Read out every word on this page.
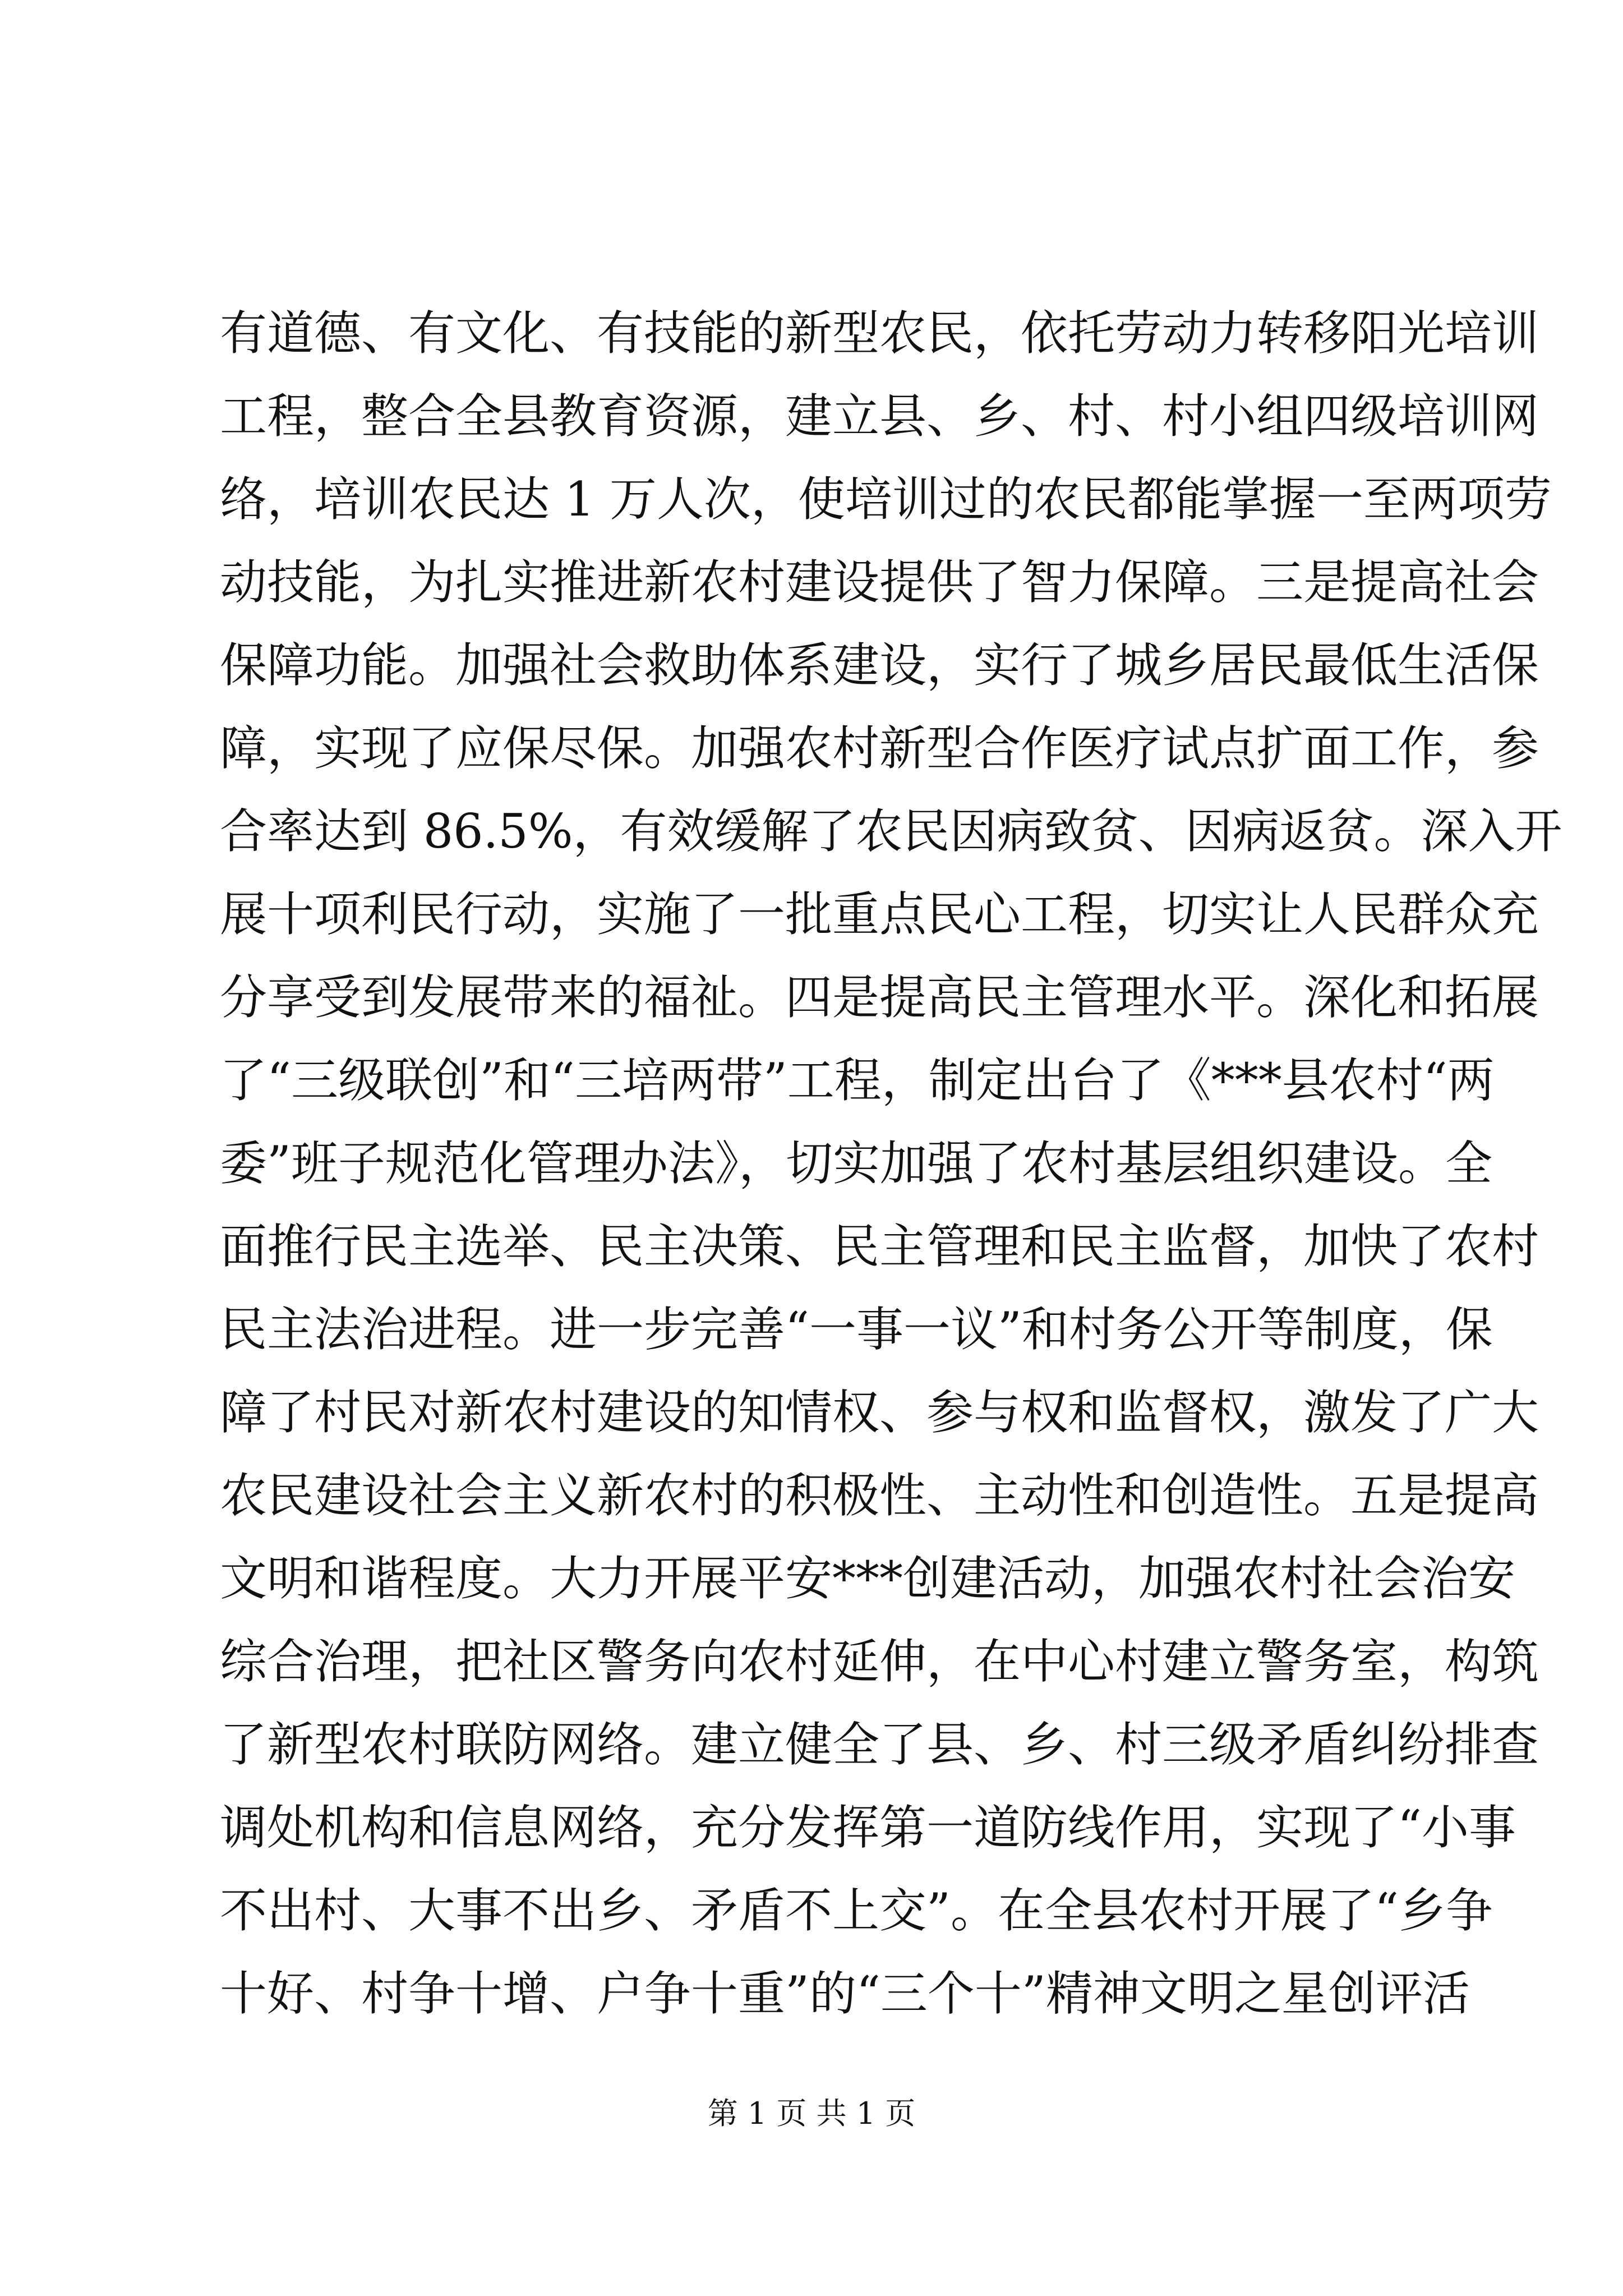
有道德、有文化、有技能的新型农民，依托劳动力转移阳光培训
工程，整合全县教育资源，建立县、乡、村、村小组四级培训网
络，培训农民达 1 万人次，使培训过的农民都能掌握一至两项劳
动技能，为扎实推进新农村建设提供了智力保障。三是提高社会
保障功能。加强社会救助体系建设，实行了城乡居民最低生活保
障，实现了应保尽保。加强农村新型合作医疗试点扩面工作，参
合率达到 86.5%，有效缓解了农民因病致贫、因病返贫。深入开
展十项利民行动，实施了一批重点民心工程，切实让人民群众充
分享受到发展带来的福祉。四是提高民主管理水平。深化和拓展
了“三级联创”和“三培两带”工程，制定出台了《***县农村“两
委”班子规范化管理办法》，切实加强了农村基层组织建设。全
面推行民主选举、民主决策、民主管理和民主监督，加快了农村
民主法治进程。进一步完善“一事一议”和村务公开等制度，保
障了村民对新农村建设的知情权、参与权和监督权，激发了广大
农民建设社会主义新农村的积极性、主动性和创造性。五是提高
文明和谐程度。大力开展平安***创建活动，加强农村社会治安
综合治理，把社区警务向农村延伸，在中心村建立警务室，构筑
了新型农村联防网络。建立健全了县、乡、村三级矛盾纠纷排查
调处机构和信息网络，充分发挥第一道防线作用，实现了“小事
不出村、大事不出乡、矛盾不上交”。在全县农村开展了“乡争
十好、村争十增、户争十重”的“三个十”精神文明之星创评活
第 1 页 共 1 页
